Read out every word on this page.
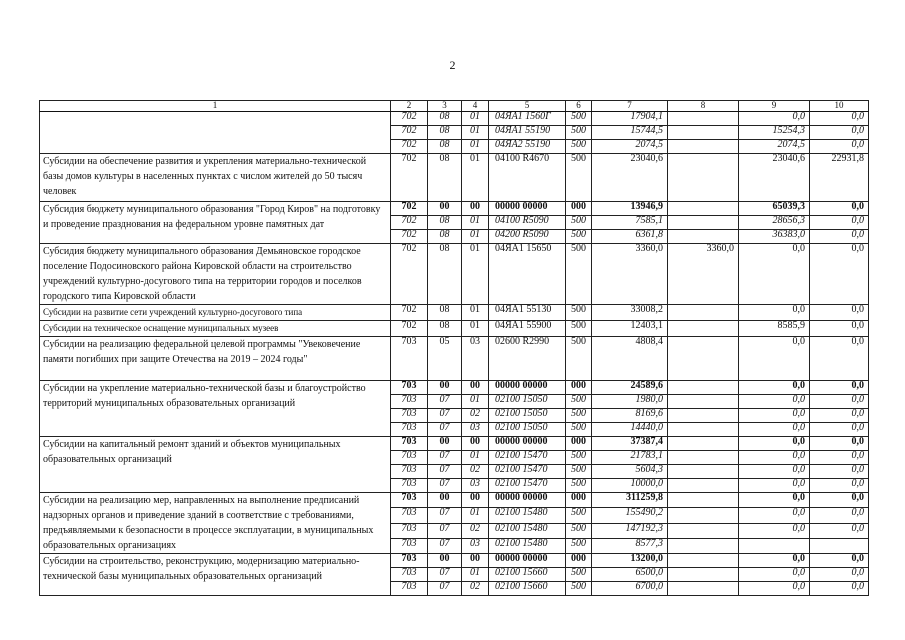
2
1	2	3	4	5	6	7	8	9	10
	702	08	01	04ЯА1 1560Г	500	17904,1		0,0	0,0
	702	08	01	04ЯА1 55190	500	15744,5		15254,3	0,0
	702	08	01	04ЯА2 55190	500	2074,5		2074,5	0,0
Субсидии на обеспечение развития и укрепления материально-технической базы домов культуры в населенных пунктах с числом жителей до 50 тысяч человек	702	08	01	04100 R4670	500	23040,6		23040,6	22931,8
Субсидия бюджету муниципального образования "Город Киров" на подготовку и проведение празднования на федеральном уровне памятных дат	702	00	00	00000 00000	000	13946,9		65039,3	0,0
	702	08	01	04100 R5090	500	7585,1		28656,3	0,0
	702	08	01	04200 R5090	500	6361,8		36383,0	0,0
Субсидия бюджету муниципального образования Демьяновское городское поселение Подосиновского района Кировской области на строительство учреждений культурно-досугового типа на территории городов и поселков городского типа Кировской области	702	08	01	04ЯА1 15650	500	3360,0	3360,0	0,0	0,0
Субсидии на развитие сети учреждений культурно-досугового типа	702	08	01	04ЯА1 55130	500	33008,2		0,0	0,0
Субсидии на техническое оснащение муниципальных музеев	702	08	01	04ЯА1 55900	500	12403,1		8585,9	0,0
Субсидии на реализацию федеральной целевой программы "Увековечение памяти погибших при защите Отечества на 2019 – 2024 годы"	703	05	03	02600 R2990	500	4808,4		0,0	0,0
Субсидии на укрепление материально-технической базы и благоустройство территорий муниципальных образовательных организаций	703	00	00	00000 00000	000	24589,6		0,0	0,0
	703	07	01	02100 15050	500	1980,0		0,0	0,0
	703	07	02	02100 15050	500	8169,6		0,0	0,0
	703	07	03	02100 15050	500	14440,0		0,0	0,0
Субсидии на капитальный ремонт зданий и объектов муниципальных образовательных организаций	703	00	00	00000 00000	000	37387,4		0,0	0,0
	703	07	01	02100 15470	500	21783,1		0,0	0,0
	703	07	02	02100 15470	500	5604,3		0,0	0,0
	703	07	03	02100 15470	500	10000,0		0,0	0,0
Субсидии на реализацию мер, направленных на выполнение предписаний надзорных органов и приведение зданий в соответствие с требованиями, предъявляемыми к безопасности в процессе эксплуатации, в муниципальных образовательных организациях	703	00	00	00000 00000	000	311259,8		0,0	0,0
	703	07	01	02100 15480	500	155490,2		0,0	0,0
	703	07	02	02100 15480	500	147192,3		0,0	0,0
	703	07	03	02100 15480	500	8577,3			
Субсидии на строительство, реконструкцию, модернизацию материально-технической базы муниципальных образовательных организаций	703	00	00	00000 00000	000	13200,0		0,0	0,0
	703	07	01	02100 15660	500	6500,0		0,0	0,0
	703	07	02	02100 15660	500	6700,0		0,0	0,0
